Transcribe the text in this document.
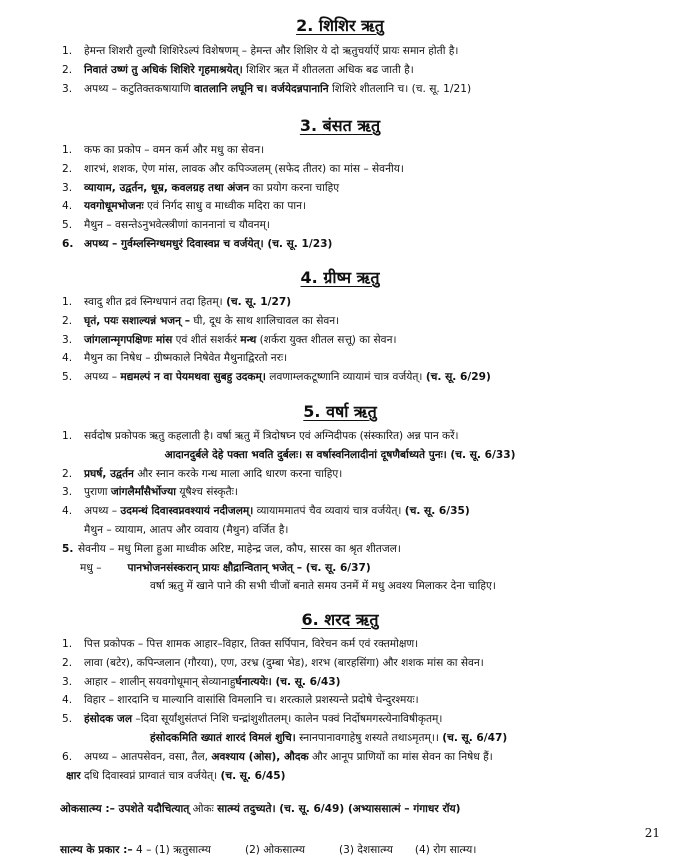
2. शिशिर ऋतु
1. हेमन्त शिशरौ तुल्यौ शिशिरेऽल्पं विशेषणम् – हेमन्त और शिशिर ये दो ऋतुचर्याऐं प्रायः समान होती है।
2. निवातं उष्णं तु अधिकं शिशिरे गृहमाश्रयेत्। शिशिर ऋत में शीतलता अधिक बढ जाती है।
3. अपथ्य – कटुतिक्तकषायाणि वातलानि लघूनि च। वर्जयेदन्नपानानि शिशिरे शीतलानि च। (च. सू. 1/21)
3. बंसत ऋतु
1. कफ का प्रकोप – वमन कर्म और मधु का सेवन।
2. शारभं, शशक, ऐण मांस, लावक और कपिञ्जलम् (सफेद तीतर) का मांस – सेवनीय।
3. व्यायाम, उद्वर्तन, धूम्र, कवलग्रह तथा अंजन का प्रयोग करना चाहिए
4. यवगोधूमभोजनः एवं निर्गद साधु व माध्वीक मदिरा का पान।
5. मैथुन – वसन्तेऽनुभवेत्स्त्रीणां काननानां च यौवनम्।
6. अपथ्य – गुर्वम्लस्निग्धमधुरं दिवास्वप्न च वर्जयेत्। (च. सू. 1/23)
4. ग्रीष्म ऋतु
1. स्वादु शीत द्रवं स्निग्धपानं तदा हितम्। (च. सू. 1/27)
2. घृतं, पयः सशाल्यन्नं भजन् – घी, दूध के साथ शालिचावल का सेवन।
3. जांगलान्मृगपक्षिणः मांस एवं शीतं सशर्करं मन्थ (शर्करा युक्त शीतल सत्तू) का सेवन।
4. मैथुन का निषेध – ग्रीष्मकाले निषेवेत मैथुनाद्विरतो नरः।
5. अपथ्य – मद्यमल्पं न वा पेयमथवा सुबहु उदकम्। लवणाम्लकटूष्णानि व्यायामं चात्र वर्जयेत्। (च. सू. 6/29)
5. वर्षा ऋतु
1. सर्वदोष प्रकोपक ऋतु कहलाती है। वर्षा ऋतु में त्रिदोषघ्न एवं अग्निदीपक (संस्कारित) अन्न पान करें।
आदानदुर्बले देहे पक्ता भवति दुर्बलः। स वर्षास्वनिलादीनां दूषणैर्बाध्यते पुनः। (च. सू. 6/33)
2. प्रघर्ष, उद्वर्तन और स्नान करके गन्ध माला आदि धारण करना चाहिए।
3. पुराणा जांगलैर्मांसैर्भोज्या यूषैश्च संस्कृतैः।
4. अपथ्य – उदमन्थं दिवास्वप्नवश्यायं नदीजलम्। व्यायाममातपं चैव व्यवायं चात्र वर्जयेत्। (च. सू. 6/35)
मैथुन – व्यायाम, आतप और व्यवाय (मैथुन) वर्जित है।
5. सेवनीय – मधु मिला हुआ माध्वीक अरिष्ट, माहेन्द्र जल, कौप, सारस का श्रृत शीतजल।
मधु – पानभोजनसंस्करान् प्रायः क्षौद्रान्वितान् भजेत् – (च. सू. 6/37)
वर्षा ऋतु में खाने पाने की सभी चीजों बनाते समय उनमें में मधु अवश्य मिलाकर देना चाहिए।
6. शरद ऋतु
1. पित्त प्रकोपक – पित्त शामक आहार–विहार, तिक्त सर्पिपान, विरेचन कर्म एवं रक्तमोक्षण।
2. लावा (बटेर), कपिन्जलान (गौरया), एण, उरभ्र (दुम्बा भेड), शरभ (बारहसिंगा) और शशक मांस का सेवन।
3. आहार – शालीन् सयवगोधूमान् सेव्यानाहुर्घनात्ययेः। (च. सू. 6/43)
4. विहार – शारदानि च माल्यानि वासांसि विमलानि च। शरत्काले प्रशस्यन्ते प्रदोषे चेन्दुरश्मयः।
5. हंसोदक जल –दिवा सूर्यांशुसंतप्तं निशि चन्द्रांशुशीतलम्। कालेन पक्वं निर्दोषमगस्त्येनाविषीकृतम्।
हंसोदकमिति ख्यातं शारदं विमलं शुचि। स्नानपानावगाहेषु शस्यते तथाऽमृतम्।। (च. सू. 6/47)
6. अपथ्य – आतपसेवन, वसा, तैल, अवश्याय (ओस), औदक और आनूप प्राणियों का मांस सेवन का निषेध हैं।
क्षार दधि दिवास्वप्नं प्राग्वातं चात्र वर्जयेत्। (च. सू. 6/45)
ओकसात्म्य :– उपशेते यदौचित्यात् ओकः सात्म्यं तदुच्यते। (च. सू. 6/49) (अभ्याससात्मं – गंगाधर रॉय)
सात्म्य के प्रकार :– 4 – (1) ऋतुसात्म्य	(2) ओकसात्म्य	(3) देशसात्म्य (4) रोग सात्म्य।
21
